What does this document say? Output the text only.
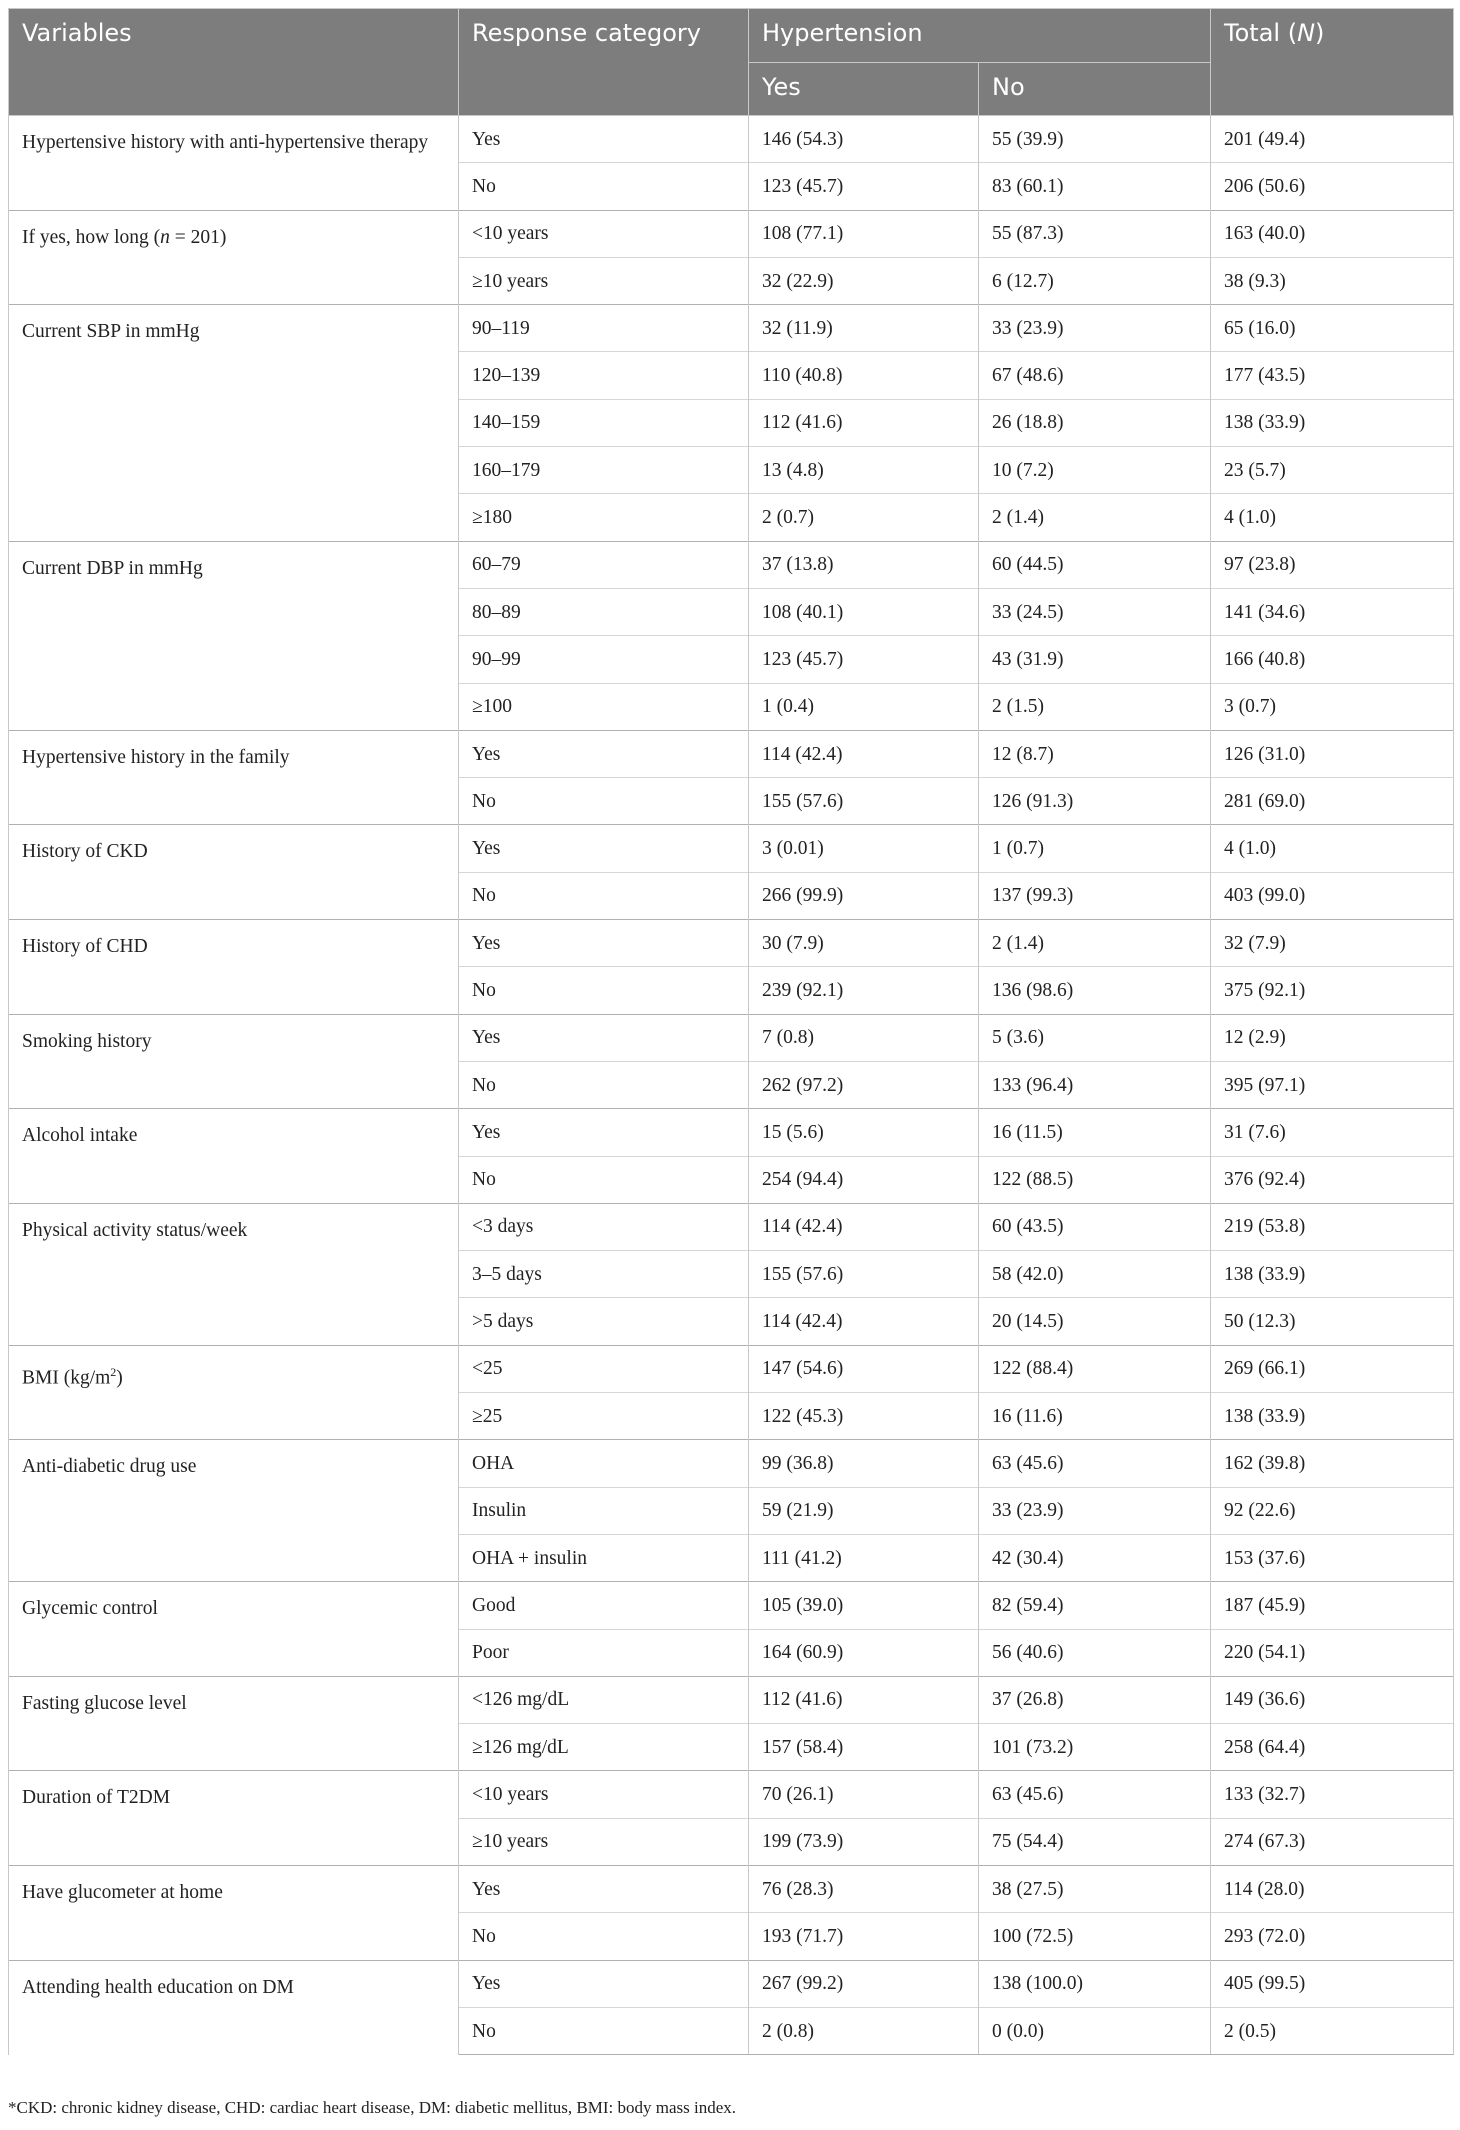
Variables	Response category	Hypertension		Total (N)
		Yes	No	
Hypertensive history with anti-hypertensive therapy	Yes	146 (54.3)	55 (39.9)	201 (49.4)
	No	123 (45.7)	83 (60.1)	206 (50.6)
If yes, how long (n = 201)	<10 years	108 (77.1)	55 (87.3)	163 (40.0)
	≥10 years	32 (22.9)	6 (12.7)	38 (9.3)
Current SBP in mmHg	90–119	32 (11.9)	33 (23.9)	65 (16.0)
	120–139	110 (40.8)	67 (48.6)	177 (43.5)
	140–159	112 (41.6)	26 (18.8)	138 (33.9)
	160–179	13 (4.8)	10 (7.2)	23 (5.7)
	≥180	2 (0.7)	2 (1.4)	4 (1.0)
Current DBP in mmHg	60–79	37 (13.8)	60 (44.5)	97 (23.8)
	80–89	108 (40.1)	33 (24.5)	141 (34.6)
	90–99	123 (45.7)	43 (31.9)	166 (40.8)
	≥100	1 (0.4)	2 (1.5)	3 (0.7)
Hypertensive history in the family	Yes	114 (42.4)	12 (8.7)	126 (31.0)
	No	155 (57.6)	126 (91.3)	281 (69.0)
History of CKD	Yes	3 (0.01)	1 (0.7)	4 (1.0)
	No	266 (99.9)	137 (99.3)	403 (99.0)
History of CHD	Yes	30 (7.9)	2 (1.4)	32 (7.9)
	No	239 (92.1)	136 (98.6)	375 (92.1)
Smoking history	Yes	7 (0.8)	5 (3.6)	12 (2.9)
	No	262 (97.2)	133 (96.4)	395 (97.1)
Alcohol intake	Yes	15 (5.6)	16 (11.5)	31 (7.6)
	No	254 (94.4)	122 (88.5)	376 (92.4)
Physical activity status/week	<3 days	114 (42.4)	60 (43.5)	219 (53.8)
	3–5 days	155 (57.6)	58 (42.0)	138 (33.9)
	>5 days	114 (42.4)	20 (14.5)	50 (12.3)
BMI $(kg/m^2)$	<25	147 (54.6)	122 (88.4)	269 (66.1)
	≥25	122 (45.3)	16 (11.6)	138 (33.9)
Anti-diabetic drug use	OHA	99 (36.8)	63 (45.6)	162 (39.8)
	Insulin	59 (21.9)	33 (23.9)	92 (22.6)
	OHA + insulin	111 (41.2)	42 (30.4)	153 (37.6)
Glycemic control	Good	105 (39.0)	82 (59.4)	187 (45.9)
	Poor	164 (60.9)	56 (40.6)	220 (54.1)
Fasting glucose level	<126 mg/dL	112 (41.6)	37 (26.8)	149 (36.6)
	≥126 mg/dL	157 (58.4)	101 (73.2)	258 (64.4)
Duration of T2DM	<10 years	70 (26.1)	63 (45.6)	133 (32.7)
	≥10 years	199 (73.9)	75 (54.4)	274 (67.3)
Have glucometer at home	Yes	76 (28.3)	38 (27.5)	114 (28.0)
	No	193 (71.7)	100 (72.5)	293 (72.0)
Attending health education on DM	Yes	267 (99.2)	138 (100.0)	405 (99.5)
	No	2 (0.8)	0 (0.0)	2 (0.5)
*CKD: chronic kidney disease, CHD: cardiac heart disease, DM: diabetic mellitus, BMI: body mass index.
